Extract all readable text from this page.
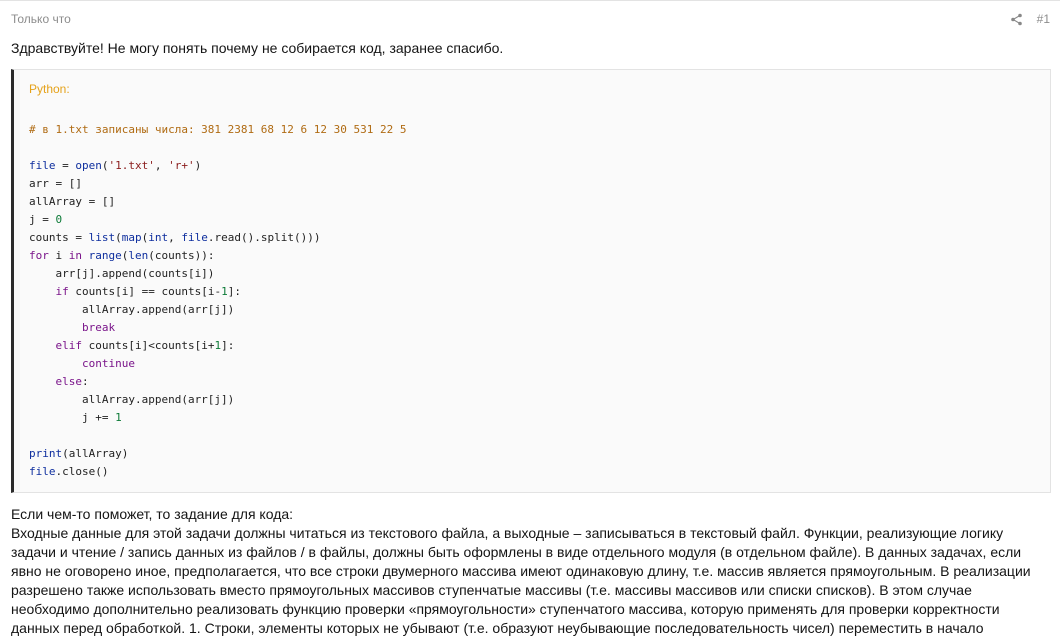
Только что	#1
Здравствуйте! Не могу понять почему не собирается код, заранее спасибо.
Python:
# в 1.txt записаны числа: 381 2381 68 12 6 12 30 531 22 5

file = open('1.txt', 'r+')
arr = []
allArray = []
j = 0
counts = list(map(int, file.read().split()))
for i in range(len(counts)):
arr[j].append(counts[i])
if counts[i] == counts[i-1]:
allArray.append(arr[j])
break
elif counts[i]<counts[i+1]:
continue
else:
allArray.append(arr[j])
j += 1

print(allArray)
file.close()

Если чем-то поможет, то задание для кода:

Входные данные для этой задачи должны читаться из текстового файла, а выходные – записываться в текстовый файл. Функции, реализующие логику задачи и чтение / запись данных из файлов / в файлы, должны быть оформлены в виде отдельного модуля (в отдельном файле). В данных задачах, если явно не оговорено иное, предполагается, что все строки двумерного массива имеют одинаковую длину, т.е. массив является прямоугольным. В реализации разрешено также использовать вместо прямоугольных массивов ступенчатые массивы (т.е. массивы массивов или списки списков). В этом случае необходимо дополнительно реализовать функцию проверки «прямоугольности» ступенчатого массива, которую применять для проверки корректности данных перед обработкой. 1. Строки, элементы которых не убывают (т.е. образуют неубывающие последовательность чисел) переместить в начало
